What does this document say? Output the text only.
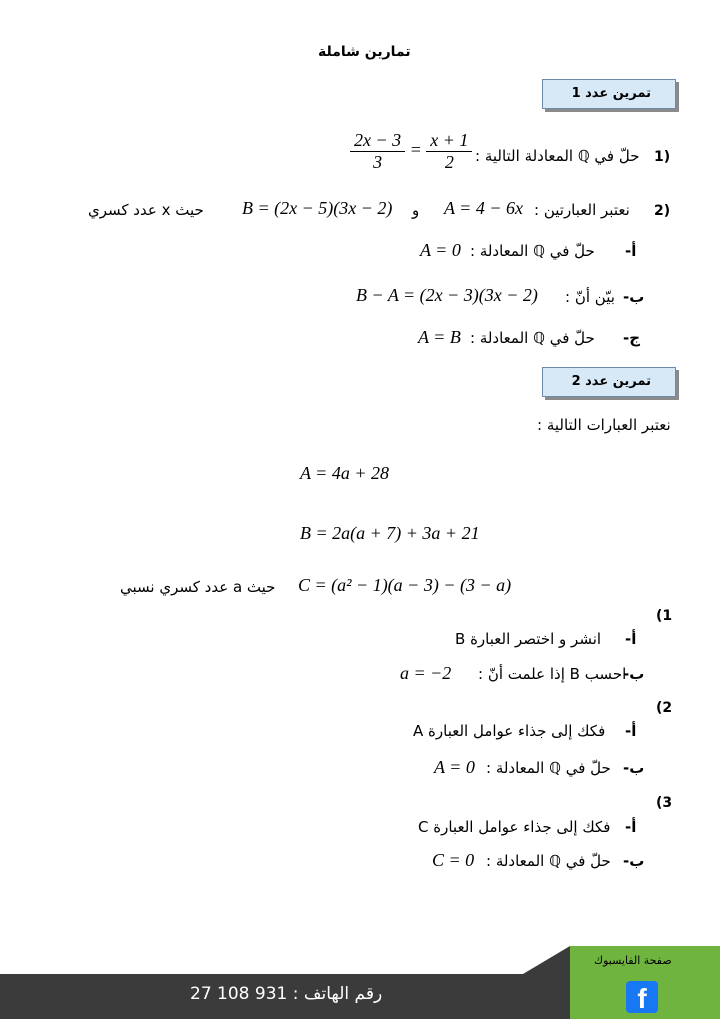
تمارين شاملة
تمرين عدد 1
1)
حلّ في ℚ المعادلة التالية :
$\frac{2x - 3}{3} = \frac{x + 1}{2}$
2)
نعتبر العبارتين :
A = 4 − 6x
و
B = (2x − 5)(3x − 2)
حيث x عدد كسري
أ-
حلّ في ℚ المعادلة :
A = 0
ب-
بيّن أنّ :
B − A = (2x − 3)(3x − 2)
ج-
حلّ في ℚ المعادلة :
A = B
تمرين عدد 2
نعتبر العبارات التالية :
A = 4a + 28
B = 2a(a + 7) + 3a + 21
C = (a² − 1)(a − 3) − (3 − a)
حيث a عدد كسري نسبي
(1
أ-
انشر و اختصر العبارة B
ب-
احسب B إذا علمت أنّ :
a = −2
(2
أ-
فكك إلى جذاء عوامل العبارة A
ب-
حلّ في ℚ المعادلة :
A = 0
(3
أ-
فكك إلى جذاء عوامل العبارة C
ب-
حلّ في ℚ المعادلة :
C = 0
رقم الهاتف : 931 108 27
صفحة الفايسبوك
f
